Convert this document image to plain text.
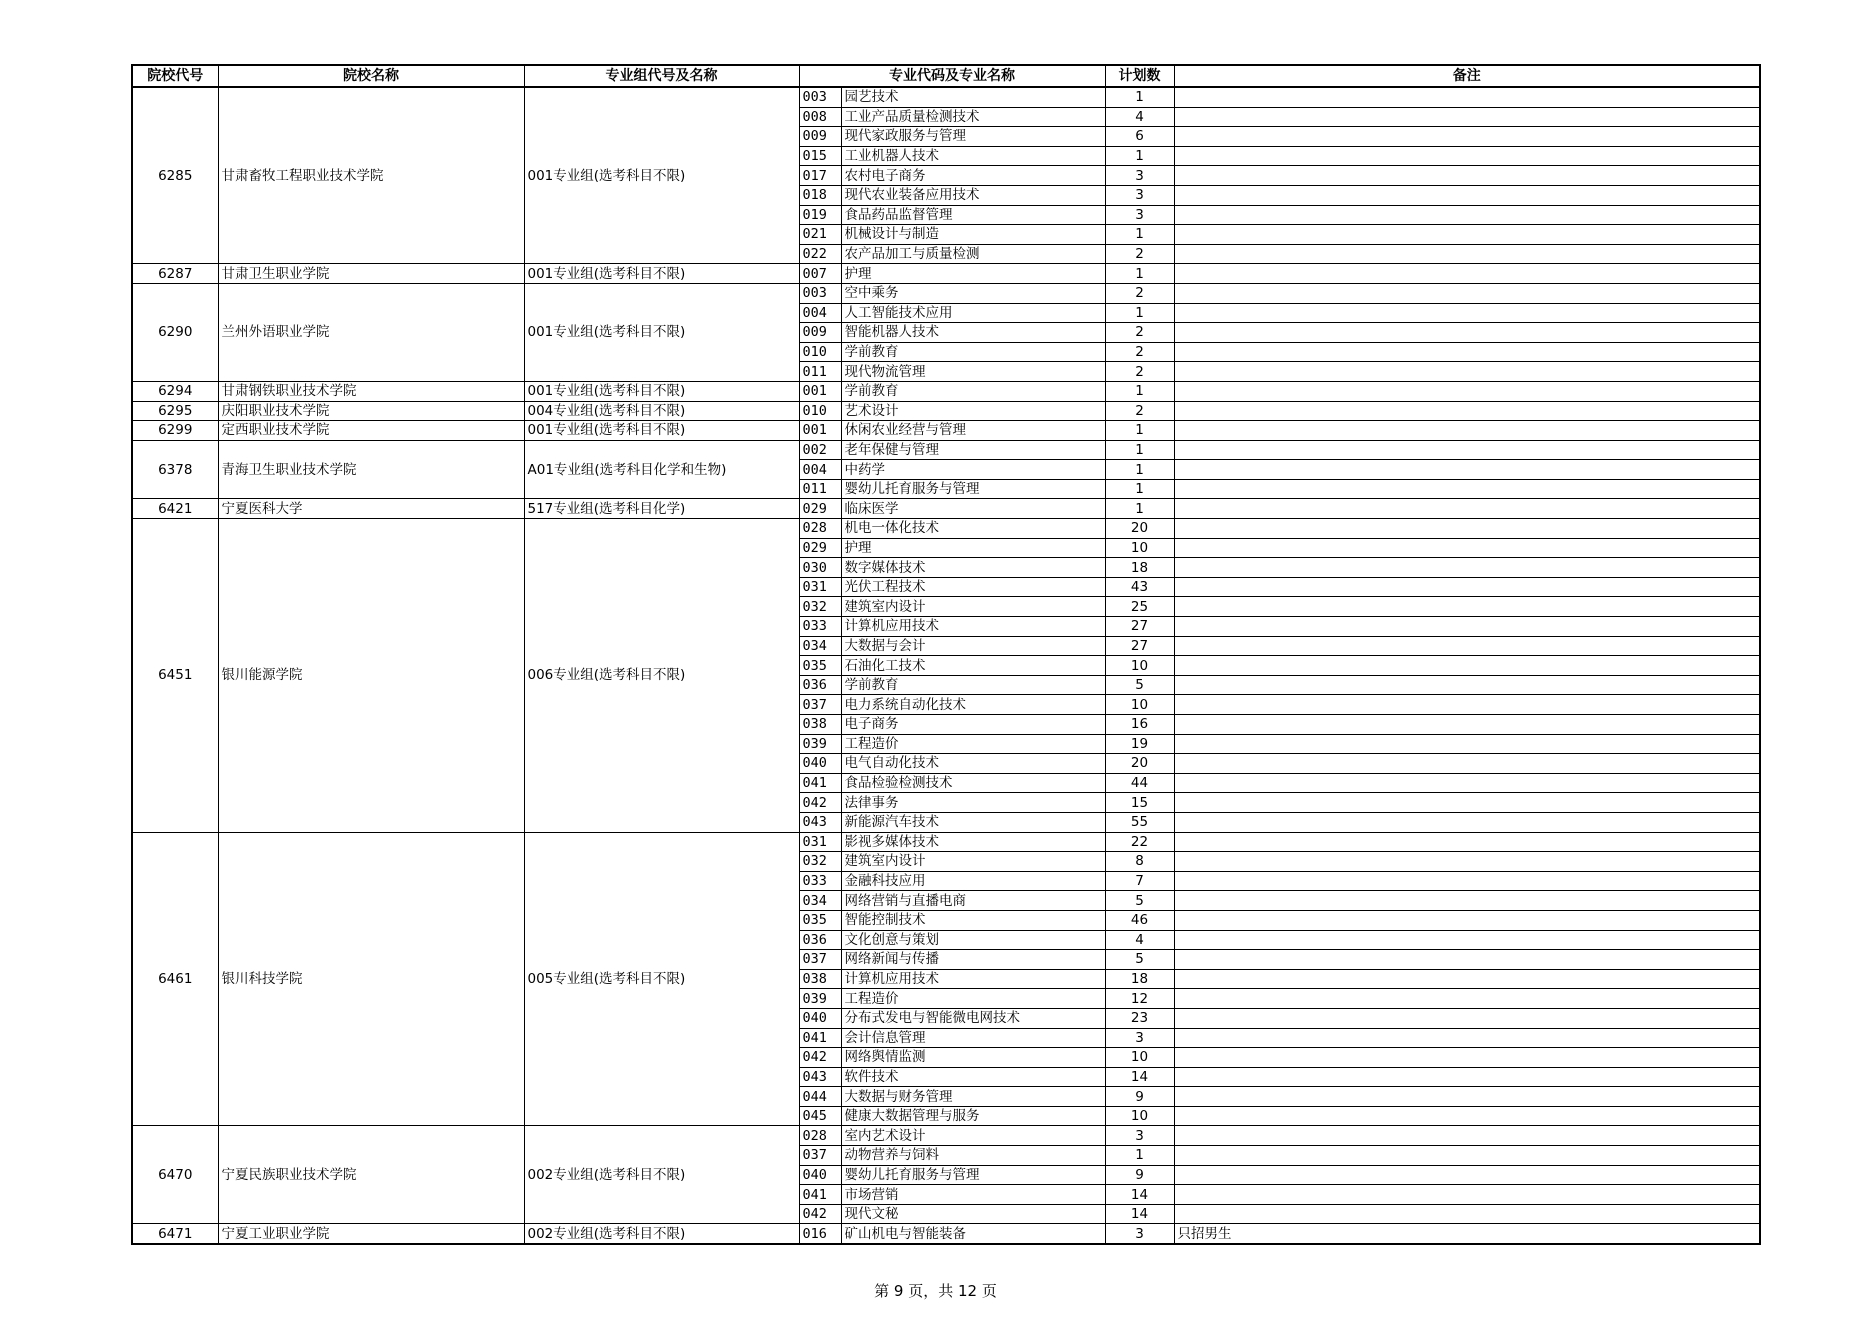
院校代号	院校名称	专业组代号及名称	专业代码及专业名称		计划数	备注
6285	甘肃畜牧工程职业技术学院	001专业组(选考科目不限)	003	园艺技术	1	
			008	工业产品质量检测技术	4	
			009	现代家政服务与管理	6	
			015	工业机器人技术	1	
			017	农村电子商务	3	
			018	现代农业装备应用技术	3	
			019	食品药品监督管理	3	
			021	机械设计与制造	1	
			022	农产品加工与质量检测	2	
6287	甘肃卫生职业学院	001专业组(选考科目不限)	007	护理	1	
6290	兰州外语职业学院	001专业组(选考科目不限)	003	空中乘务	2	
			004	人工智能技术应用	1	
			009	智能机器人技术	2	
			010	学前教育	2	
			011	现代物流管理	2	
6294	甘肃钢铁职业技术学院	001专业组(选考科目不限)	001	学前教育	1	
6295	庆阳职业技术学院	004专业组(选考科目不限)	010	艺术设计	2	
6299	定西职业技术学院	001专业组(选考科目不限)	001	休闲农业经营与管理	1	
6378	青海卫生职业技术学院	A01专业组(选考科目化学和生物)	002	老年保健与管理	1	
			004	中药学	1	
			011	婴幼儿托育服务与管理	1	
6421	宁夏医科大学	517专业组(选考科目化学)	029	临床医学	1	
6451	银川能源学院	006专业组(选考科目不限)	028	机电一体化技术	20	
			029	护理	10	
			030	数字媒体技术	18	
			031	光伏工程技术	43	
			032	建筑室内设计	25	
			033	计算机应用技术	27	
			034	大数据与会计	27	
			035	石油化工技术	10	
			036	学前教育	5	
			037	电力系统自动化技术	10	
			038	电子商务	16	
			039	工程造价	19	
			040	电气自动化技术	20	
			041	食品检验检测技术	44	
			042	法律事务	15	
			043	新能源汽车技术	55	
6461	银川科技学院	005专业组(选考科目不限)	031	影视多媒体技术	22	
			032	建筑室内设计	8	
			033	金融科技应用	7	
			034	网络营销与直播电商	5	
			035	智能控制技术	46	
			036	文化创意与策划	4	
			037	网络新闻与传播	5	
			038	计算机应用技术	18	
			039	工程造价	12	
			040	分布式发电与智能微电网技术	23	
			041	会计信息管理	3	
			042	网络舆情监测	10	
			043	软件技术	14	
			044	大数据与财务管理	9	
			045	健康大数据管理与服务	10	
6470	宁夏民族职业技术学院	002专业组(选考科目不限)	028	室内艺术设计	3	
			037	动物营养与饲料	1	
			040	婴幼儿托育服务与管理	9	
			041	市场营销	14	
			042	现代文秘	14	
6471	宁夏工业职业学院	002专业组(选考科目不限)	016	矿山机电与智能装备	3	只招男生
第 9 页，共 12 页
